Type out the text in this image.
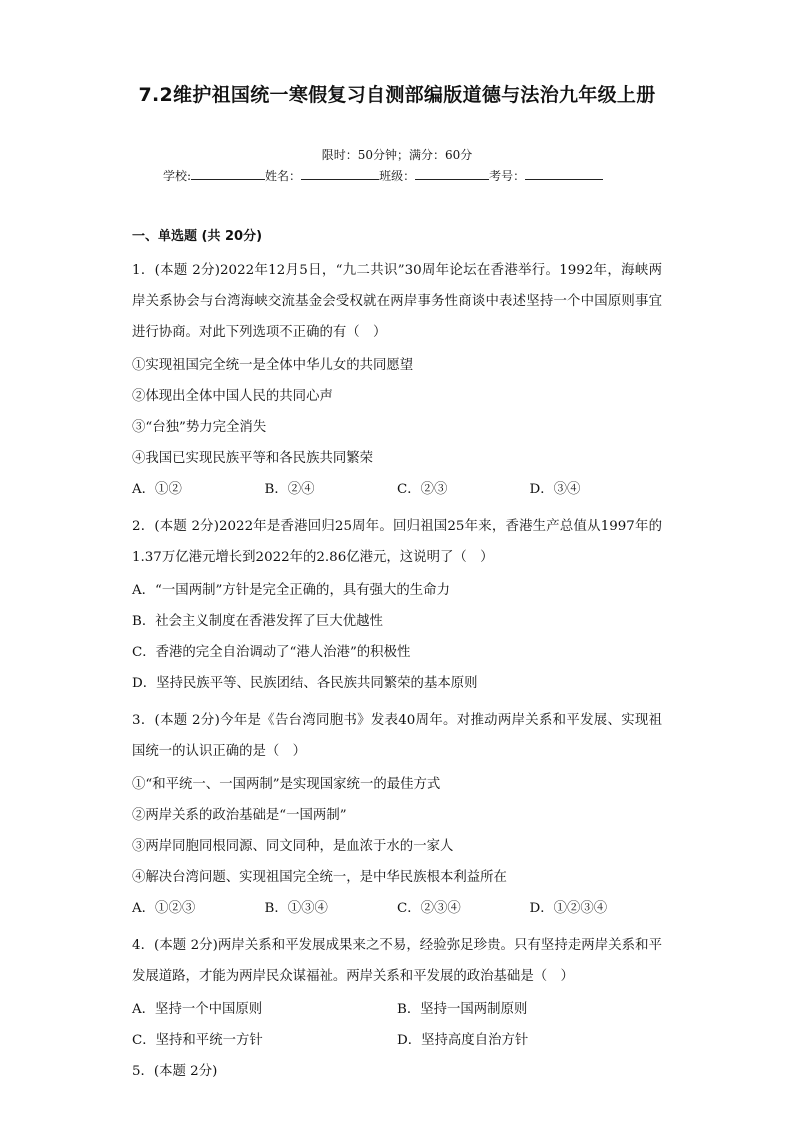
7.2维护祖国统一寒假复习自测部编版道德与法治九年级上册
限时：50分钟；满分：60分
学校:	姓名：	班级：	考号：
一、单选题 (共 20分)
1．(本题 2分)2022年12月5日，“九二共识”30周年论坛在香港举行。1992年，海峡两岸关系协会与台湾海峡交流基金会受权就在两岸事务性商谈中表述坚持一个中国原则事宜进行协商。对此下列选项不正确的有（　）
①实现祖国完全统一是全体中华儿女的共同愿望
②体现出全体中国人民的共同心声
③“台独”势力完全消失
④我国已实现民族平等和各民族共同繁荣
A．①②	B．②④	C．②③	D．③④
2．(本题 2分)2022年是香港回归25周年。回归祖国25年来，香港生产总值从1997年的1.37万亿港元增长到2022年的2.86亿港元，这说明了（　）
A．“一国两制”方针是完全正确的，具有强大的生命力
B．社会主义制度在香港发挥了巨大优越性
C．香港的完全自治调动了“港人治港”的积极性
D．坚持民族平等、民族团结、各民族共同繁荣的基本原则
3．(本题 2分)今年是《告台湾同胞书》发表40周年。对推动两岸关系和平发展、实现祖国统一的认识正确的是（　）
①“和平统一、一国两制”是实现国家统一的最佳方式
②两岸关系的政治基础是“一国两制”
③两岸同胞同根同源、同文同种，是血浓于水的一家人
④解决台湾问题、实现祖国完全统一，是中华民族根本利益所在
A．①②③	B．①③④	C．②③④	D．①②③④
4．(本题 2分)两岸关系和平发展成果来之不易，经验弥足珍贵。只有坚持走两岸关系和平发展道路，才能为两岸民众谋福祉。两岸关系和平发展的政治基础是（　）
A．坚持一个中国原则	B．坚持一国两制原则
C．坚持和平统一方针	D．坚持高度自治方针
5．(本题 2分)
